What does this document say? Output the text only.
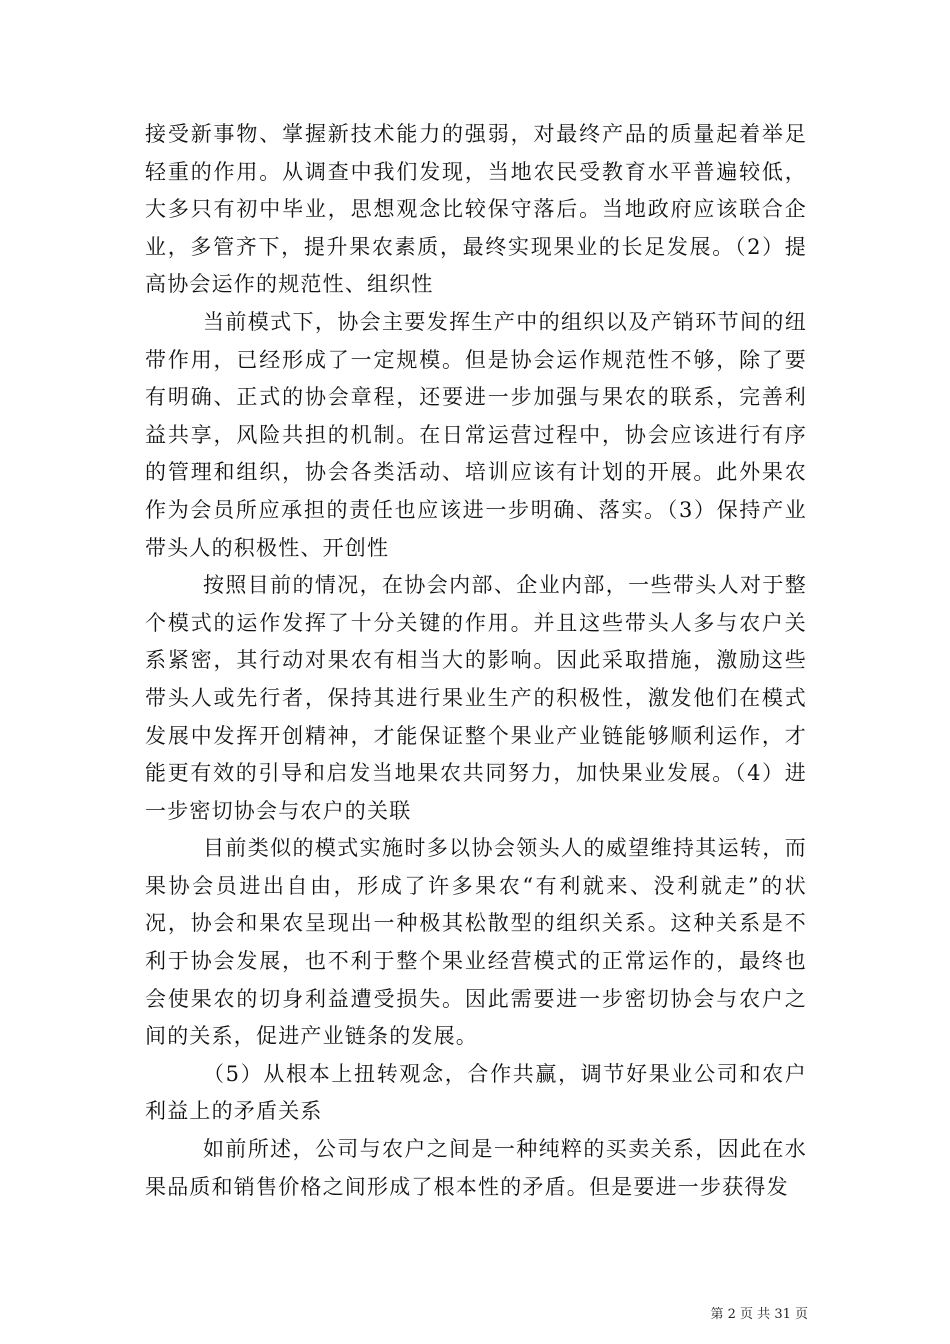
接受新事物、掌握新技术能力的强弱，对最终产品的质量起着举足轻重的作用。从调查中我们发现，当地农民受教育水平普遍较低，大多只有初中毕业，思想观念比较保守落后。当地政府应该联合企业，多管齐下，提升果农素质，最终实现果业的长足发展。（2）提高协会运作的规范性、组织性

当前模式下，协会主要发挥生产中的组织以及产销环节间的纽带作用，已经形成了一定规模。但是协会运作规范性不够，除了要有明确、正式的协会章程，还要进一步加强与果农的联系，完善利益共享，风险共担的机制。在日常运营过程中，协会应该进行有序的管理和组织，协会各类活动、培训应该有计划的开展。此外果农作为会员所应承担的责任也应该进一步明确、落实。（3）保持产业带头人的积极性、开创性

按照目前的情况，在协会内部、企业内部，一些带头人对于整个模式的运作发挥了十分关键的作用。并且这些带头人多与农户关系紧密，其行动对果农有相当大的影响。因此采取措施，激励这些带头人或先行者，保持其进行果业生产的积极性，激发他们在模式发展中发挥开创精神，才能保证整个果业产业链能够顺利运作，才能更有效的引导和启发当地果农共同努力，加快果业发展。（4）进一步密切协会与农户的关联

目前类似的模式实施时多以协会领头人的威望维持其运转，而果协会员进出自由，形成了许多果农“有利就来、没利就走”的状况，协会和果农呈现出一种极其松散型的组织关系。这种关系是不利于协会发展，也不利于整个果业经营模式的正常运作的，最终也会使果农的切身利益遭受损失。因此需要进一步密切协会与农户之间的关系，促进产业链条的发展。

（5）从根本上扭转观念，合作共赢，调节好果业公司和农户利益上的矛盾关系

如前所述，公司与农户之间是一种纯粹的买卖关系，因此在水果品质和销售价格之间形成了根本性的矛盾。但是要进一步获得发

第 2 页 共 31 页
